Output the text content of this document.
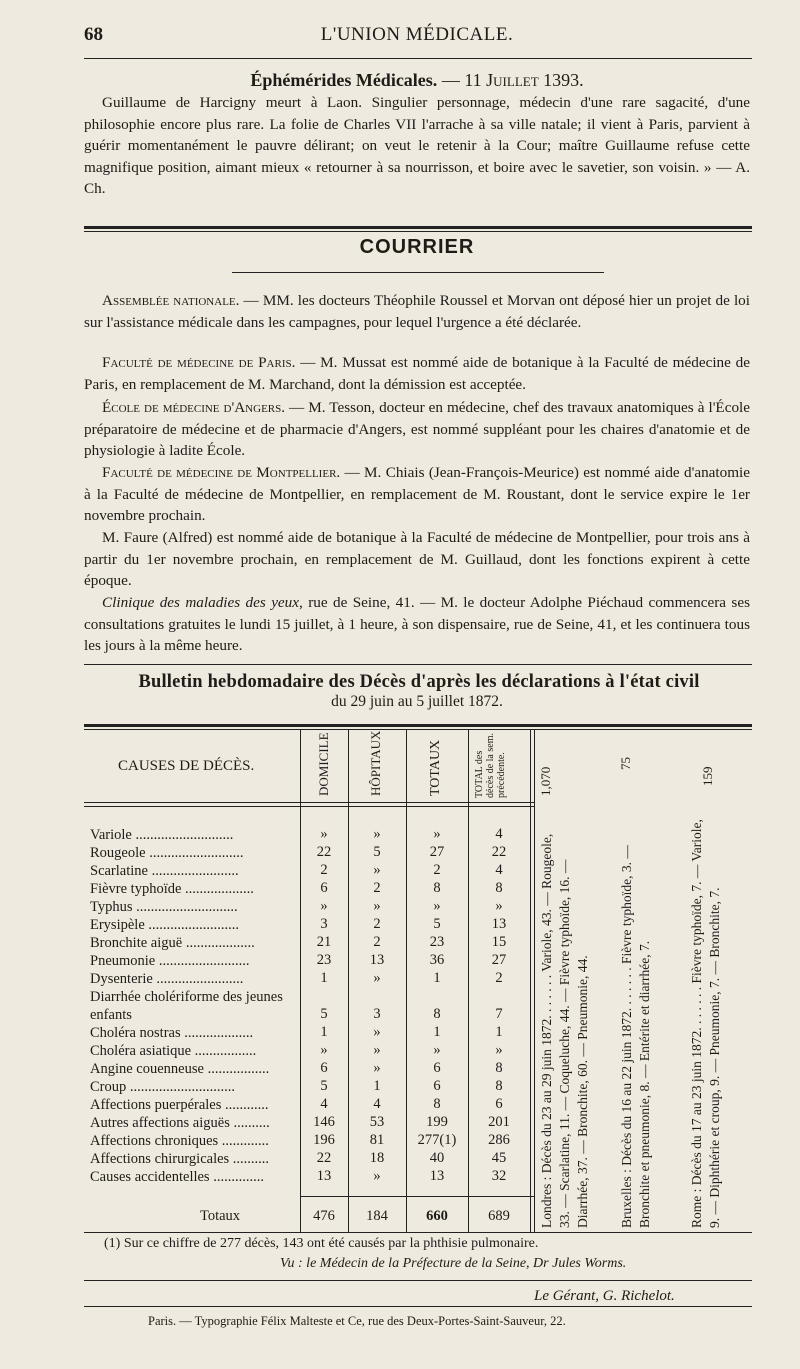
68	L'UNION MÉDICALE.
Éphémérides Médicales. — 11 Juillet 1393.
Guillaume de Harcigny meurt à Laon. Singulier personnage, médecin d'une rare sagacité, d'une philosophie encore plus rare. La folie de Charles VII l'arrache à sa ville natale; il vient à Paris, parvient à guérir momentanément le pauvre délirant; on veut le retenir à la Cour; maître Guillaume refuse cette magnifique position, aimant mieux « retourner à sa nourrisson, et boire avec le savetier, son voisin. » — A. Ch.
COURRIER
Assemblée nationale. — MM. les docteurs Théophile Roussel et Morvan ont déposé hier un projet de loi sur l'assistance médicale dans les campagnes, pour lequel l'urgence a été déclarée.
Faculté de médecine de Paris. — M. Mussat est nommé aide de botanique à la Faculté de médecine de Paris, en remplacement de M. Marchand, dont la démission est acceptée.
École de médecine d'Angers. — M. Tesson, docteur en médecine, chef des travaux anatomiques à l'École préparatoire de médecine et de pharmacie d'Angers, est nommé suppléant pour les chaires d'anatomie et de physiologie à ladite École.
Faculté de médecine de Montpellier. — M. Chiais (Jean-François-Meurice) est nommé aide d'anatomie à la Faculté de médecine de Montpellier, en remplacement de M. Roustant, dont le service expire le 1er novembre prochain.
M. Faure (Alfred) est nommé aide de botanique à la Faculté de médecine de Montpellier, pour trois ans à partir du 1er novembre prochain, en remplacement de M. Guillaud, dont les fonctions expirent à cette époque.
Clinique des maladies des yeux, rue de Seine, 41. — M. le docteur Adolphe Piéchaud commencera ses consultations gratuites le lundi 15 juillet, à 1 heure, à son dispensaire, rue de Seine, 41, et les continuera tous les jours à la même heure.
Bulletin hebdomadaire des Décès d'après les déclarations à l'état civil
du 29 juin au 5 juillet 1872.
CAUSES DE DÉCÈS.	DOMICILE	HÔPITAUX	TOTAUX	TOTAL des décès de la sem. précédente. 1,070
75
159
Londres : Décès du 23 au 29 juin 1872. . . . . . . Variole, 43. — Rougeole, 33. — Scarlatine, 11. — Coqueluche, 44. — Fièvre typhoïde, 16. — Diarrhée, 37. — Bronchite, 60. — Pneumonie, 44. Bruxelles : Décès du 16 au 22 juin 1872. . . . . . . Fièvre typhoïde, 3. — Bronchite et pneumonie, 8. — Entérite et diarrhée, 7.	Rome : Décès du 17 au 23 juin 1872. . . . . . . Fièvre typhoïde, 7. — Variole, 9. — Diphthérie et croup, 9. — Pneumonie, 7. — Bronchite, 7.
Variole ...........................	»	»	»	4
Rougeole ..........................	22	5	27	22
Scarlatine ........................	2	»	2	4
Fièvre typhoïde ...................	6	2	8	8
Typhus ............................	»	»	»	»
Erysipèle .........................	3	2	5	13
Bronchite aiguë ...................	21	2	23	15
Pneumonie .........................	23	13	36	27
Dysenterie ........................	1	»	1	2
Diarrhée cholériforme des jeunes enfants	5	3	8	7
Choléra nostras ...................	1	»	1	1
Choléra asiatique .................	»	»	»	»
Angine couenneuse .................	6	»	6	8
Croup .............................	5	1	6	8
Affections puerpérales ............	4	4	8	6
Autres affections aiguës ..........	146	53	199	201
Affections chroniques .............	196	81	277(1)	286
Affections chirurgicales ..........	22	18	40	45
Causes accidentelles ..............	13	»	13	32
Totaux	476	184	660	689
(1) Sur ce chiffre de 277 décès, 143 ont été causés par la phthisie pulmonaire.
Vu : le Médecin de la Préfecture de la Seine, Dr Jules Worms.
Le Gérant, G. Richelot.
Paris. — Typographie Félix Malteste et Ce, rue des Deux-Portes-Saint-Sauveur, 22.
